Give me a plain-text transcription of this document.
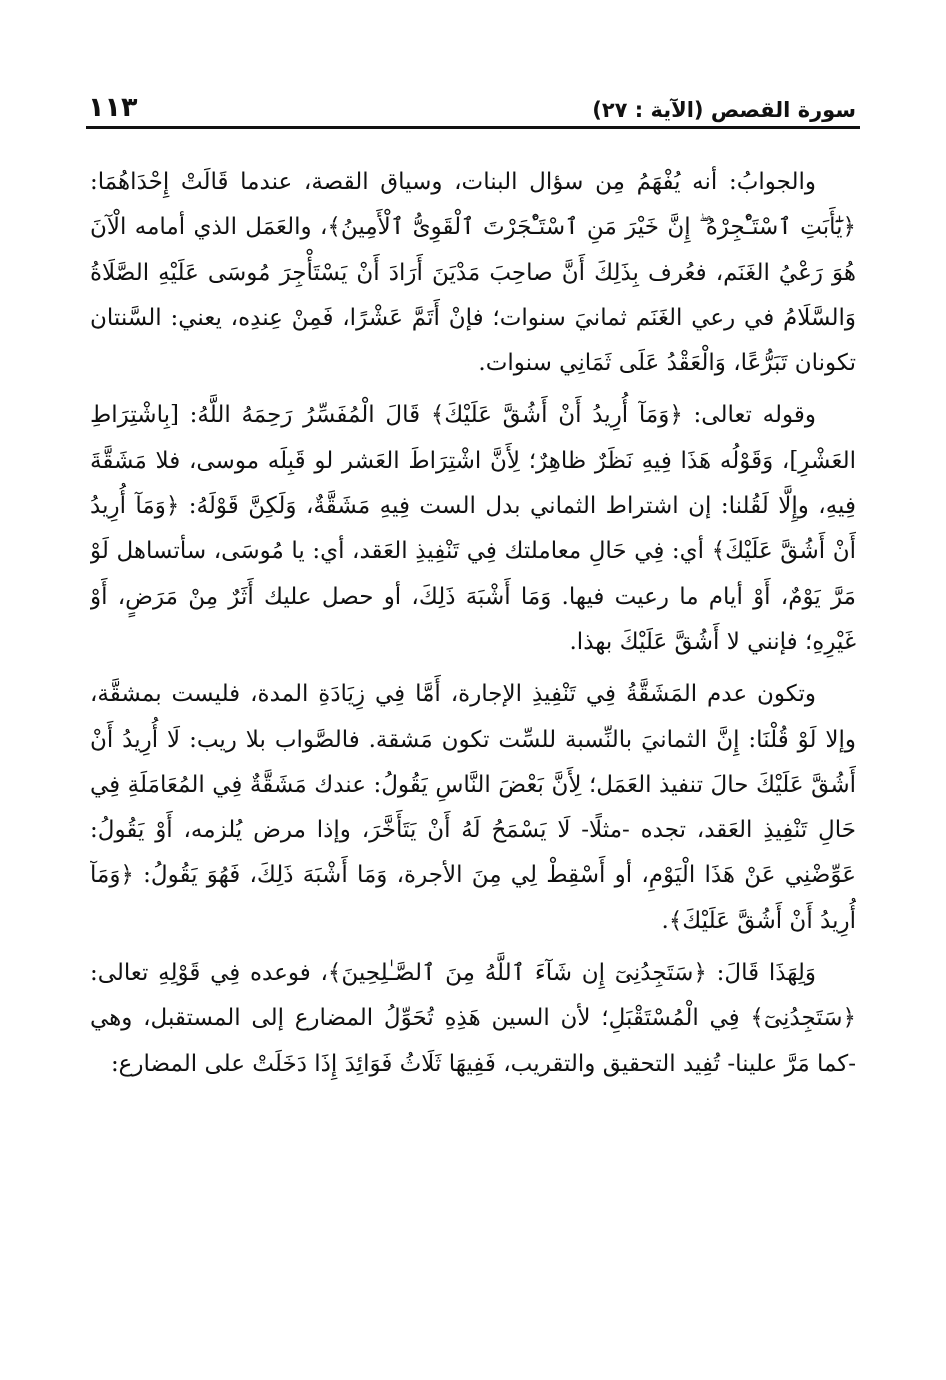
سورة القصص (الآية : ٢٧)
١١٣

والجوابُ: أنه يُفْهَمُ مِن سؤال البنات، وسياق القصة، عندما قَالَتْ إِحْدَاهُمَا: ﴿يَٰٓأَبَتِ ٱسْتَـْٔجِرْهُ ۖ إِنَّ خَيْرَ مَنِ ٱسْتَـْٔجَرْتَ ٱلْقَوِىُّ ٱلْأَمِينُ﴾، والعَمَل الذي أمامه الْآنَ هُوَ رَعْيُ الغَنَم، فعُرف بِذَلِكَ أَنَّ صاحِبَ مَدْيَنَ أَرَادَ أَنْ يَسْتَأْجِرَ مُوسَى عَلَيْهِ الصَّلَاةُ وَالسَّلَامُ في رعي الغَنَم ثمانيَ سنوات؛ فإنْ أَتَمَّ عَشْرًا، فَمِنْ عِندِه، يعني: السَّنتان تكونان تَبَرُّعًا، وَالْعَقْدُ عَلَى ثَمَانِي سنوات.

وقوله تعالى: ﴿وَمَآ أُرِيدُ أَنْ أَشُقَّ عَلَيْكَ﴾ قَالَ الْمُفَسِّرُ رَحِمَهُ اللَّهُ: [بِاشْتِرَاطِ العَشْرِ]، وَقَوْلُه هَذَا فِيهِ نَظَرٌ ظاهِرٌ؛ لِأَنَّ اشْتِرَاطَ العَشر لو قَبِلَه موسى، فلا مَشَقَّةَ فِيهِ، وإِلَّا لَقُلنا: إن اشتراط الثماني بدل الست فِيهِ مَشَقَّةٌ، وَلَكِنَّ قَوْلَهُ: ﴿وَمَآ أُرِيدُ أَنْ أَشُقَّ عَلَيْكَ﴾ أي: فِي حَالِ معاملتك فِي تَنْفِيذِ العَقد، أي: يا مُوسَى، سأتساهل لَوْ مَرَّ يَوْمٌ، أَوْ أيام ما رعيت فيها. وَمَا أَشْبَهَ ذَلِكَ، أو حصل عليك أَثَرٌ مِنْ مَرَضٍ، أَوْ غَيْرِهِ؛ فإنني لا أَشُقَّ عَلَيْكَ بهذا.

وتكون عدم المَشَقَّةُ فِي تَنْفِيذِ الإجارة، أَمَّا فِي زِيَادَةِ المدة، فليست بمشقَّة، وإلا لَوْ قُلْنَا: إِنَّ الثمانيَ بالنِّسبة للسِّت تكون مَشقة. فالصَّواب بلا ريب: لَا أُرِيدُ أَنْ أَشُقَّ عَلَيْكَ حالَ تنفيذ العَمَل؛ لِأَنَّ بَعْضَ النَّاسِ يَقُولُ: عندك مَشَقَّةٌ فِي المُعَامَلَةِ فِي حَالِ تَنْفِيذِ العَقد، تجده -مثلًا- لَا يَسْمَحُ لَهُ أَنْ يَتَأَخَّرَ، وإذا مرض يُلزمه، أَوْ يَقُولُ: عَوِّضْنِي عَنْ هَذَا الْيَوْمِ، أو أَسْقِطْ لِي مِنَ الأجرة، وَمَا أَشْبَهَ ذَلِكَ، فَهُوَ يَقُولُ: ﴿وَمَآ أُرِيدُ أَنْ أَشُقَّ عَلَيْكَ﴾.

وَلِهَذَا قَالَ: ﴿سَتَجِدُنِىٓ إِن شَآءَ ٱللَّهُ مِنَ ٱلصَّـٰلِحِينَ﴾، فوعده فِي قَوْلِهِ تعالى: ﴿سَتَجِدُنِىٓ﴾ فِي الْمُسْتَقْبَلِ؛ لأن السين هَذِهِ تُحَوِّلُ المضارع إلى المستقبل، وهي -كما مَرَّ علينا- تُفِيد التحقيق والتقريب، فَفِيهَا ثَلَاثُ فَوَائِدَ إِذَا دَخَلَتْ على المضارع:
